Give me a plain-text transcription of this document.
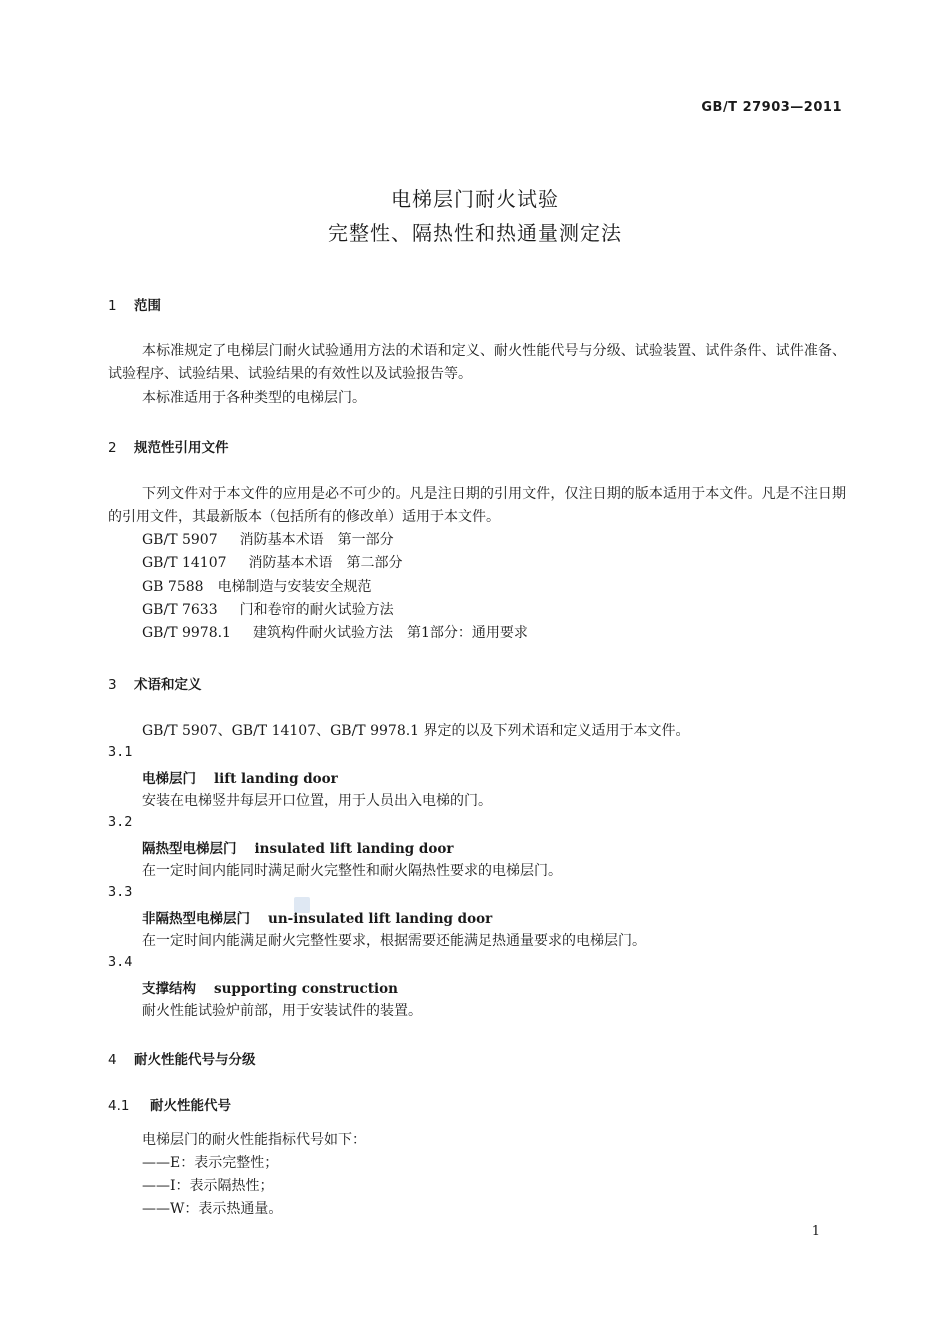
GB/T 27903—2011
电梯层门耐火试验
完整性、隔热性和热通量测定法
1 范围
本标准规定了电梯层门耐火试验通用方法的术语和定义、耐火性能代号与分级、试验装置、试件条件、试件准备、试验程序、试验结果、试验结果的有效性以及试验报告等。
本标准适用于各种类型的电梯层门。
2 规范性引用文件
下列文件对于本文件的应用是必不可少的。凡是注日期的引用文件，仅注日期的版本适用于本文件。凡是不注日期的引用文件，其最新版本（包括所有的修改单）适用于本文件。
GB/T 5907 消防基本术语　第一部分
GB/T 14107 消防基本术语　第二部分
GB 7588 电梯制造与安装安全规范
GB/T 7633 门和卷帘的耐火试验方法
GB/T 9978.1 建筑构件耐火试验方法　第1部分：通用要求
3 术语和定义
GB/T 5907、GB/T 14107、GB/T 9978.1 界定的以及下列术语和定义适用于本文件。
3.1
电梯层门 lift landing door
安装在电梯竖井每层开口位置，用于人员出入电梯的门。
3.2
隔热型电梯层门 insulated lift landing door
在一定时间内能同时满足耐火完整性和耐火隔热性要求的电梯层门。
3.3
非隔热型电梯层门 un-insulated lift landing door
在一定时间内能满足耐火完整性要求，根据需要还能满足热通量要求的电梯层门。
3.4
支撑结构 supporting construction
耐火性能试验炉前部，用于安装试件的装置。
4 耐火性能代号与分级
4.1 耐火性能代号
电梯层门的耐火性能指标代号如下：
——E：表示完整性；
——I：表示隔热性；
——W：表示热通量。
1
